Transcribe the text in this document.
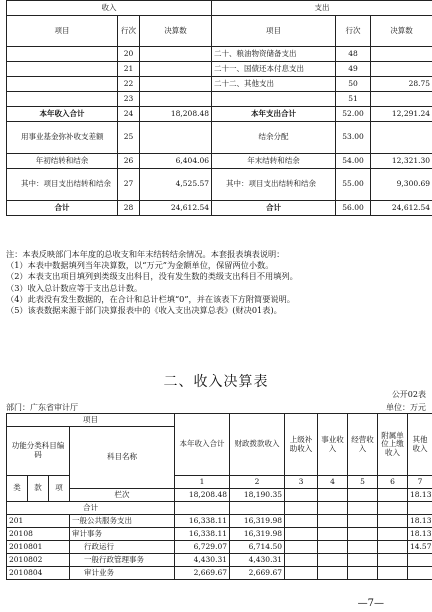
收入			支出		
项目	行次	决算数	项目	行次	决算数
	20		二十、粮油物资储备支出	48	
	21		二十一、国债还本付息支出	49	
	22		二十二、其他支出	50	28.75
	23			51	
本年收入合计	24	18,208.48	本年支出合计	52.00	12,291.24
用事业基金弥补收支差额	25		结余分配	53.00	
年初结转和结余	26	6,404.06	年末结转和结余	54.00	12,321.30
其中：项目支出结转和结余	27	4,525.57	其中：项目支出结转和结余	55.00	9,300.69
合计	28	24,612.54	合计	56.00	24,612.54
注：本表反映部门本年度的总收支和年末结转结余情况。本套报表填表说明：
（1）本表中数据填列当年决算数，以“万元”为金额单位，保留两位小数。
（2）本表支出项目填列到类级支出科目，没有发生数的类级支出科目不用填列。
（3）收入总计数应等于支出总计数。
（4）此表没有发生数据的，在合计和总计栏填“0”，并在该表下方附简要说明。
（5）该表数据来源于部门决算报表中的《收入支出决算总表》(财决01表)。
二、收入决算表
公开02表
部门：广东省审计厅	单位：万元
项目				本年收入合计	财政拨款收入	上级补助收入	事业收入	经营收入	附属单位上缴收入	其他收入
功能分类科目编码			科目名称							
类	款	项		1	2	3	4	5	6	7
			栏次	18,208.48	18,190.35					18.13
合计										
201			一般公共服务支出	16,338.11	16,319.98					18.13
20108			审计事务	16,338.11	16,319.98					18.13
2010801			行政运行	6,729.07	6,714.50					14.57
2010802			一般行政管理事务	4,430.31	4,430.31					
2010804			审计业务	2,669.67	2,669.67					
—7—
